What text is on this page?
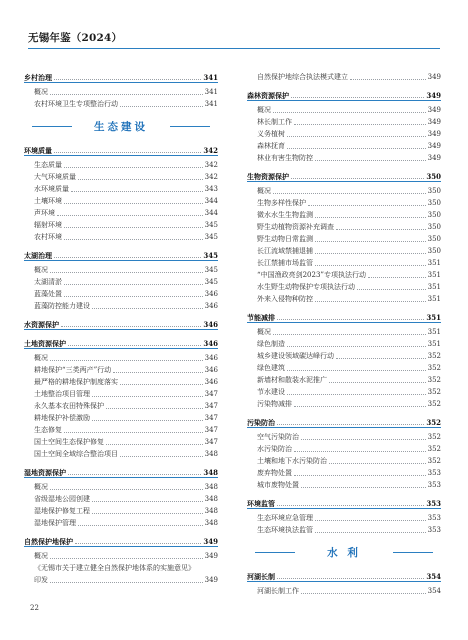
无锡年鉴（2024）
乡村治理	341
概况	341
农村环境卫生专项整治行动	341
生态建设
环境质量	342
生态质量	342
大气环境质量	342
水环境质量	343
土壤环境	344
声环境	344
辐射环境	345
农村环境	345
太湖治理	345
概况	345
太湖清淤	345
蓝藻处置	346
蓝藻防控能力建设	346
水资源保护	346
土地资源保护	346
概况	346
耕地保护“三类两产”行动	346
最严格的耕地保护制度落实	346
土地整治项目管理	347
永久基本农田特殊保护	347
耕地保护补偿激励	347
生态修复	347
国土空间生态保护修复	347
国土空间全域综合整治项目	348
湿地资源保护	348
概况	348
省级湿地公园创建	348
湿地保护修复工程	348
湿地保护管理	348
自然保护地保护	349
概况	349
《无锡市关于建立健全自然保护地体系的实施意见》
印发	349
自然保护地综合执法模式建立	349
森林资源保护	349
概况	349
林长制工作	349
义务植树	349
森林抚育	349
林业有害生物防控	349
生物资源保护	350
概况	350
生物多样性保护	350
微水水生生物监测	350
野生动植物资源补充调查	350
野生动物日常监测	350
长江流域禁捕退捕	350
长江禁捕市场监管	351
“中国渔政亮剑2023”专项执法行动	351
水生野生动物保护专项执法行动	351
外来入侵物种防控	351
节能减排	351
概况	351
绿色制造	351
城乡建设领域碳达峰行动	352
绿色建筑	352
新墙材和散装水泥推广	352
节水建设	352
污染物减排	352
污染防治	352
空气污染防治	352
水污染防治	352
土壤和地下水污染防治	352
废弃物处置	353
城市废物处置	353
环境监管	353
生态环境应急管理	353
生态环境执法监管	353
水 利
河湖长制	354
河湖长制工作	354
22
